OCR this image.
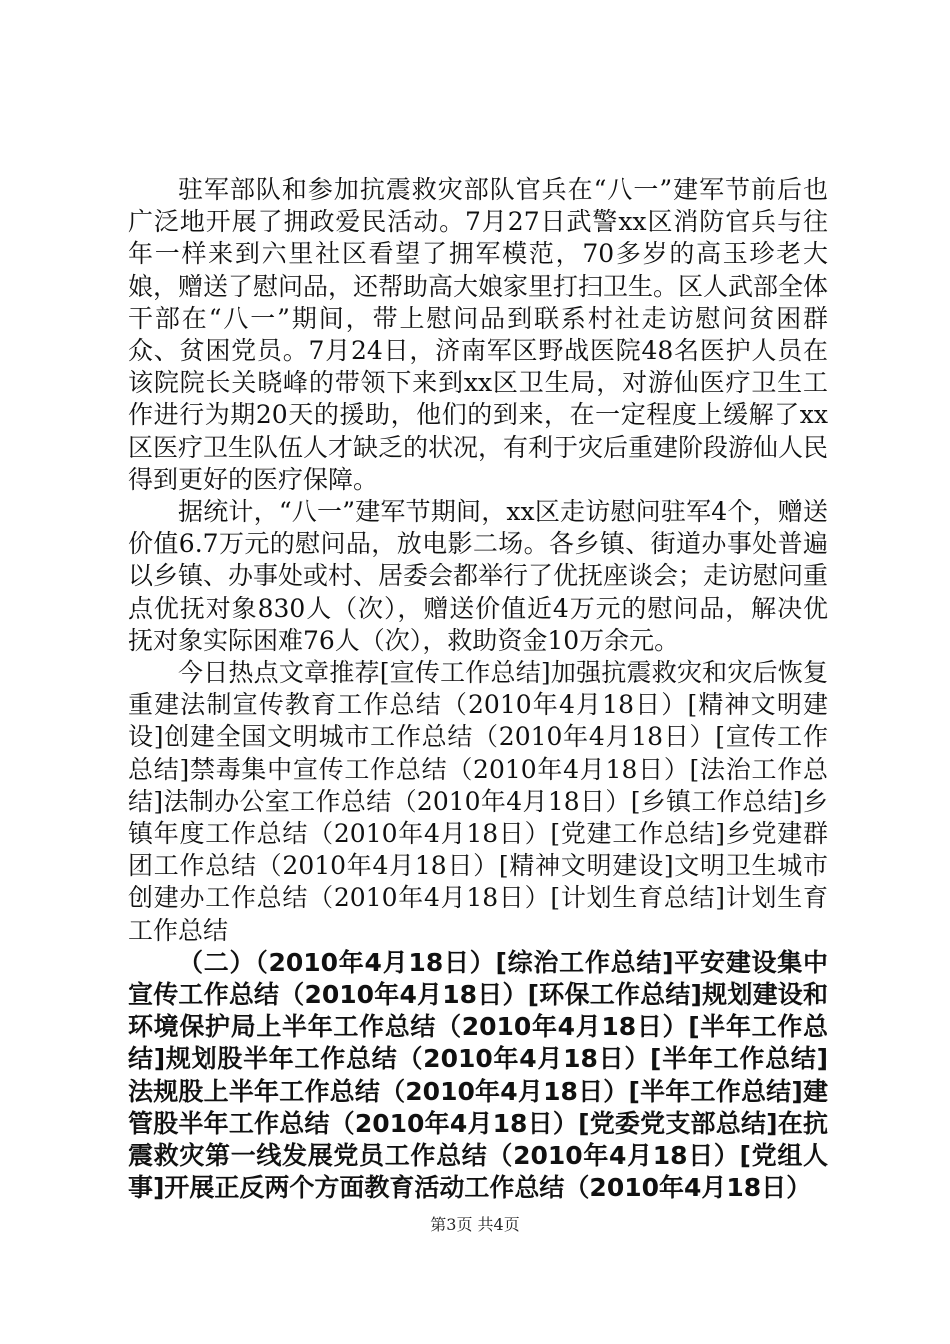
驻军部队和参加抗震救灾部队官兵在“八一”建军节前后也广泛地开展了拥政爱民活动。7月27日武警xx区消防官兵与往年一样来到六里社区看望了拥军模范，70多岁的高玉珍老大娘，赠送了慰问品，还帮助高大娘家里打扫卫生。区人武部全体干部在“八一”期间，带上慰问品到联系村社走访慰问贫困群众、贫困党员。7月24日，济南军区野战医院48名医护人员在该院院长关晓峰的带领下来到xx区卫生局，对游仙医疗卫生工作进行为期20天的援助，他们的到来，在一定程度上缓解了xx区医疗卫生队伍人才缺乏的状况，有利于灾后重建阶段游仙人民得到更好的医疗保障。

据统计，“八一”建军节期间，xx区走访慰问驻军4个，赠送价值6.7万元的慰问品，放电影二场。各乡镇、街道办事处普遍以乡镇、办事处或村、居委会都举行了优抚座谈会；走访慰问重点优抚对象830人（次），赠送价值近4万元的慰问品，解决优抚对象实际困难76人（次），救助资金10万余元。

今日热点文章推荐[宣传工作总结]加强抗震救灾和灾后恢复重建法制宣传教育工作总结（2010年4月18日）[精神文明建设]创建全国文明城市工作总结（2010年4月18日）[宣传工作总结]禁毒集中宣传工作总结（2010年4月18日）[法治工作总结]法制办公室工作总结（2010年4月18日）[乡镇工作总结]乡镇年度工作总结（2010年4月18日）[党建工作总结]乡党建群团工作总结（2010年4月18日）[精神文明建设]文明卫生城市创建办工作总结（2010年4月18日）[计划生育总结]计划生育工作总结

（二）（2010年4月18日）[综治工作总结]平安建设集中宣传工作总结（2010年4月18日）[环保工作总结]规划建设和环境保护局上半年工作总结（2010年4月18日）[半年工作总结]规划股半年工作总结（2010年4月18日）[半年工作总结]法规股上半年工作总结（2010年4月18日）[半年工作总结]建管股半年工作总结（2010年4月18日）[党委党支部总结]在抗震救灾第一线发展党员工作总结（2010年4月18日）[党组人事]开展正反两个方面教育活动工作总结（2010年4月18日）

第3页 共4页
